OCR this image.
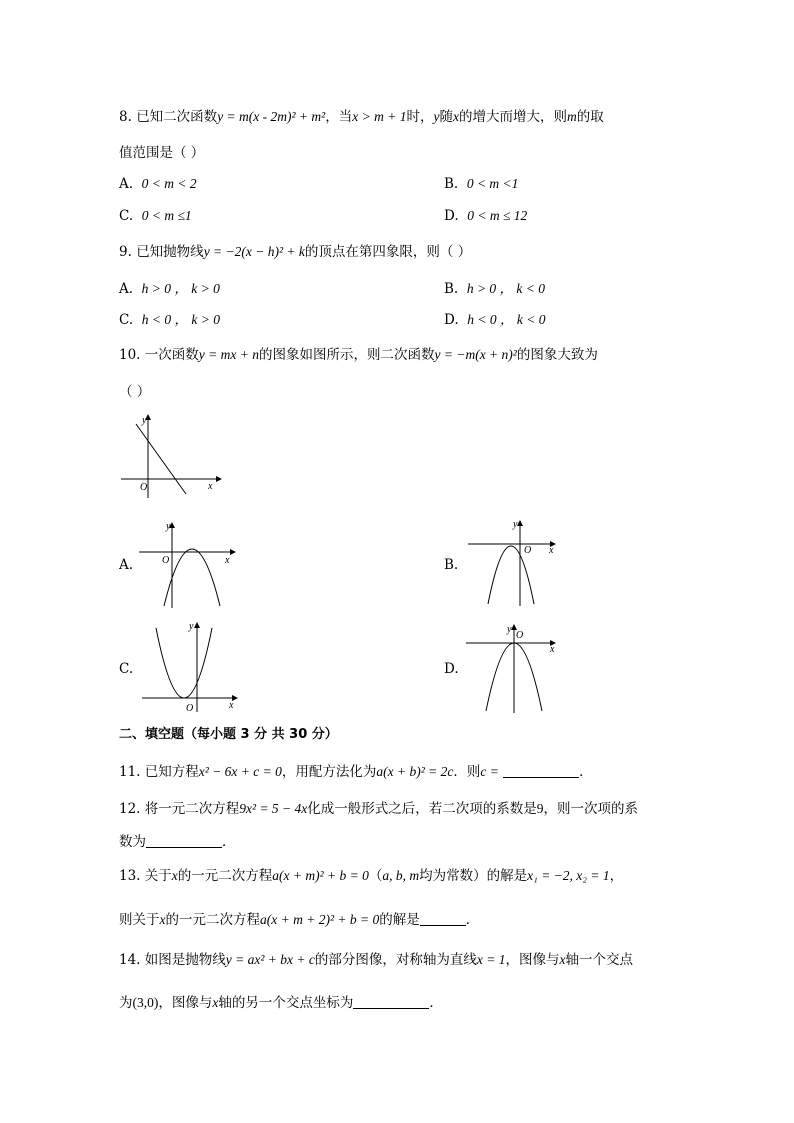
8. 已知二次函数y = m(x - 2m)² + m²，当x > m + 1时，y随x的增大而增大，则m的取
值范围是（ ）
A. 0 < m < 2	B. 0 < m <1
C. 0 < m ≤1	D. 0 < m ≤ 12
9. 已知抛物线y = −2(x − h)² + k的顶点在第四象限，则（ ）
A. h > 0 ， k > 0	B. h > 0 ， k < 0
C. h < 0 ， k > 0	D. h < 0 ， k < 0
10. 一次函数y = mx + n的图象如图所示，则二次函数y = −m(x + n)²的图象大致为
（ ）
y
x
O
A.
y
x
O	B.
y
x
O
C.
y
x
O
D.
y
x
O
二、填空题（每小题 3 分 共 30 分）
11. 已知方程x² − 6x + c = 0，用配方法化为a(x + b)² = 2c．则c =	．
12. 将一元二次方程9x² = 5 − 4x化成一般形式之后，若二次项的系数是9，则一次项的系
数为	．
13. 关于x的一元二次方程a(x + m)² + b = 0（a, b, m均为常数）的解是x₁ = −2, x₂ = 1，
则关于x的一元二次方程a(x + m + 2)² + b = 0的解是	．
14. 如图是抛物线y = ax² + bx + c的部分图像，对称轴为直线x = 1，图像与x轴一个交点
为(3,0)，图像与x轴的另一个交点坐标为	．
